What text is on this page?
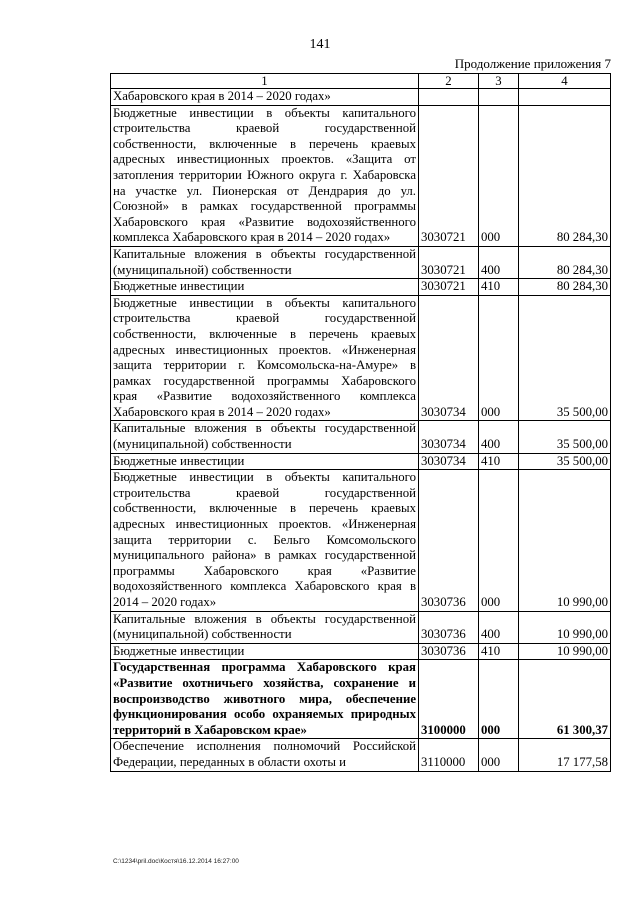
141
Продолжение приложения 7
1	2	3	4
Хабаровского края в 2014 – 2020 годах»			
Бюджетные инвестиции в объекты капитального строительства краевой государственной собственности, включенные в перечень краевых адресных инвестиционных проектов. «Защита от затопления территории Южного округа г. Хабаровска на участке ул. Пионерская от Дендрария до ул. Союзной» в рамках государственной программы Хабаровского края «Развитие водохозяйственного комплекса Хабаровского края в 2014 – 2020 годах»	3030721	000	80 284,30
Капитальные вложения в объекты государственной (муниципальной) собственности	3030721	400	80 284,30
Бюджетные инвестиции	3030721	410	80 284,30
Бюджетные инвестиции в объекты капитального строительства краевой государственной собственности, включенные в перечень краевых адресных инвестиционных проектов. «Инженерная защита территории г. Комсомольска-на-Амуре» в рамках государственной программы Хабаровского края «Развитие водохозяйственного комплекса Хабаровского края в 2014 – 2020 годах»	3030734	000	35 500,00
Капитальные вложения в объекты государственной (муниципальной) собственности	3030734	400	35 500,00
Бюджетные инвестиции	3030734	410	35 500,00
Бюджетные инвестиции в объекты капитального строительства краевой государственной собственности, включенные в перечень краевых адресных инвестиционных проектов. «Инженерная защита территории с. Бельго Комсомольского муниципального района» в рамках государственной программы Хабаровского края «Развитие водохозяйственного комплекса Хабаровского края в 2014 – 2020 годах»	3030736	000	10 990,00
Капитальные вложения в объекты государственной (муниципальной) собственности	3030736	400	10 990,00
Бюджетные инвестиции	3030736	410	10 990,00
Государственная программа Хабаровского края «Развитие охотничьего хозяйства, сохранение и воспроизводство животного мира, обеспечение функционирования особо охраняемых природных территорий в Хабаровском крае»	3100000	000	61 300,37
Обеспечение исполнения полномочий Российской Федерации, переданных в области охоты и	3110000	000	17 177,58
C:\1234\pril.doc\Костя\16.12.2014 16:27:00
